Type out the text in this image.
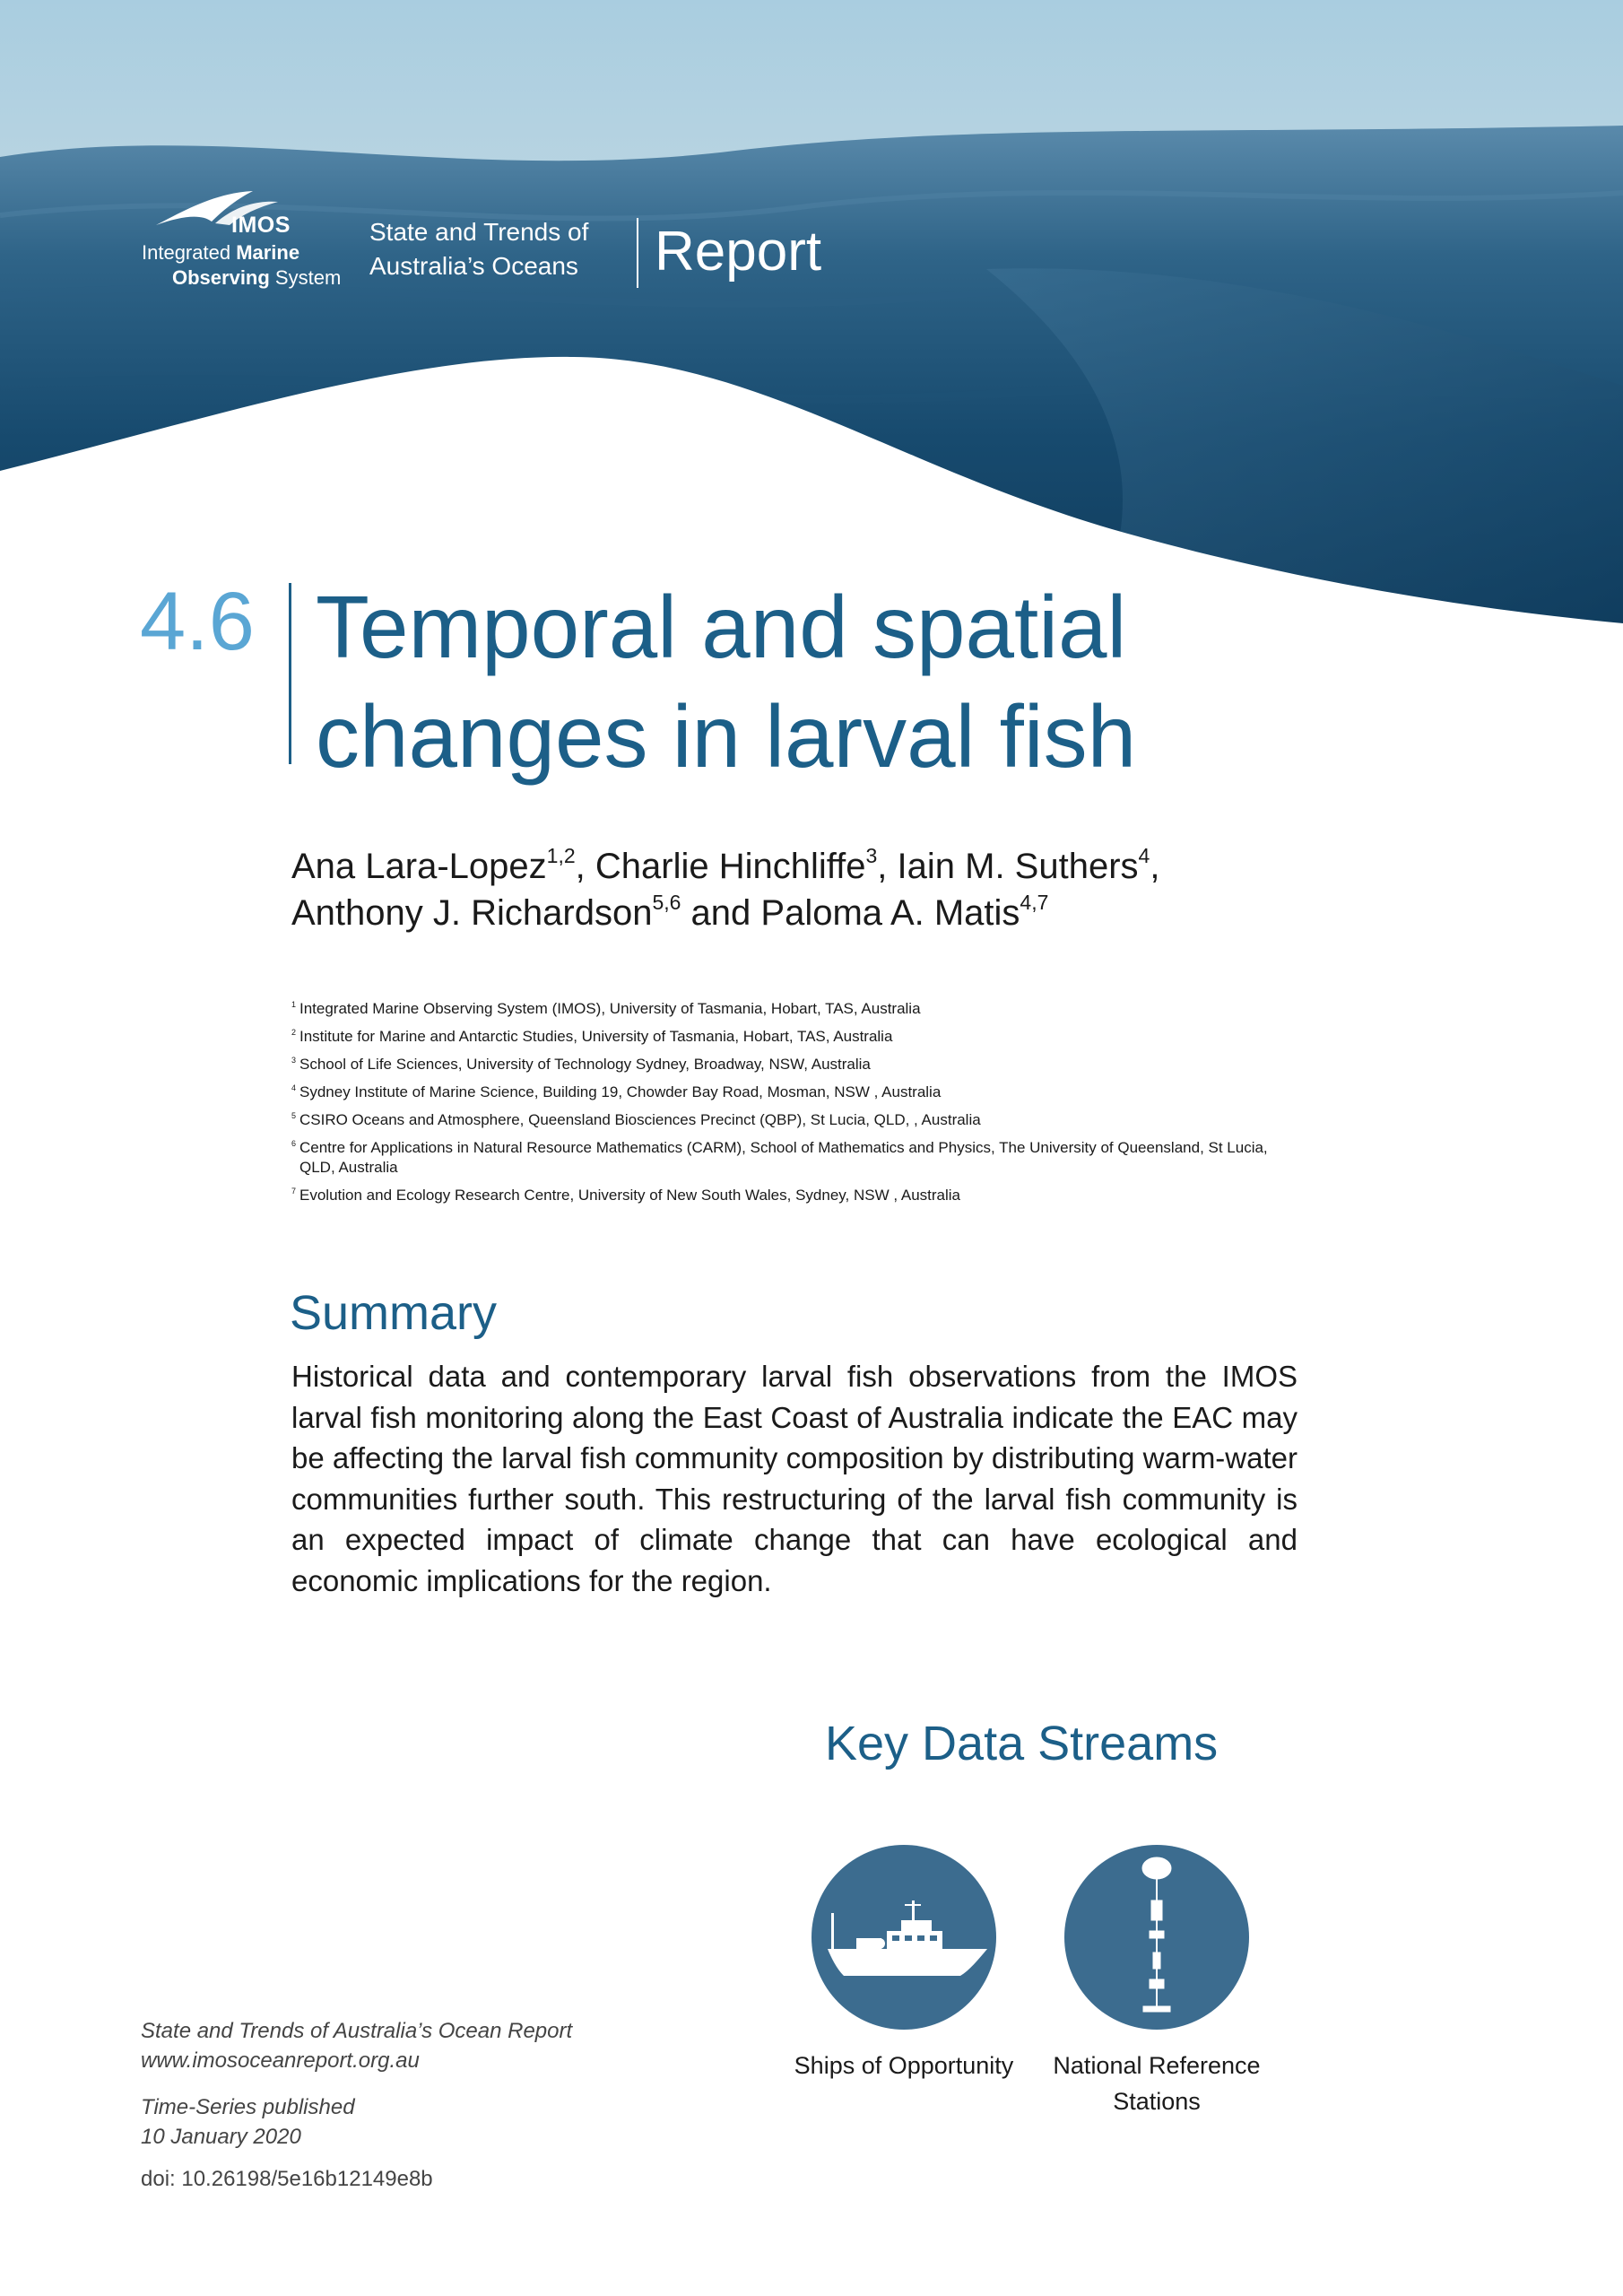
IMOS
Integrated Marine
Observing System
State and Trends of
Australia’s Oceans Report
4.6 Temporal and spatial changes in larval fish
Ana Lara-Lopez$^{1,2}$, Charlie Hinchliffe$^3$, Iain M. Suthers$^4$,
Anthony J. Richardson$^{5,6}$ and Paloma A. Matis$^{4,7}$
1 Integrated Marine Observing System (IMOS), University of Tasmania, Hobart, TAS, Australia
2 Institute for Marine and Antarctic Studies, University of Tasmania, Hobart, TAS, Australia
3 School of Life Sciences, University of Technology Sydney, Broadway, NSW, Australia
4 Sydney Institute of Marine Science, Building 19, Chowder Bay Road, Mosman, NSW , Australia
5 CSIRO Oceans and Atmosphere, Queensland Biosciences Precinct (QBP), St Lucia, QLD, , Australia
6 Centre for Applications in Natural Resource Mathematics (CARM), School of Mathematics and Physics, The University of Queensland, St Lucia, QLD, Australia
7 Evolution and Ecology Research Centre, University of New South Wales, Sydney, NSW , Australia
Summary

Historical data and contemporary larval fish observations from the IMOS larval fish monitoring along the East Coast of Australia indicate the EAC may be affecting the larval fish community composition by distributing warm-water communities further south. This restructuring of the larval fish community is an expected impact of climate change that can have ecological and economic implications for the region.

Key Data Streams
Ships of Opportunity	National Reference Stations
State and Trends of Australia’s Ocean Report
www.imosoceanreport.org.au
Time-Series published
10 January 2020
doi: 10.26198/5e16b12149e8b
